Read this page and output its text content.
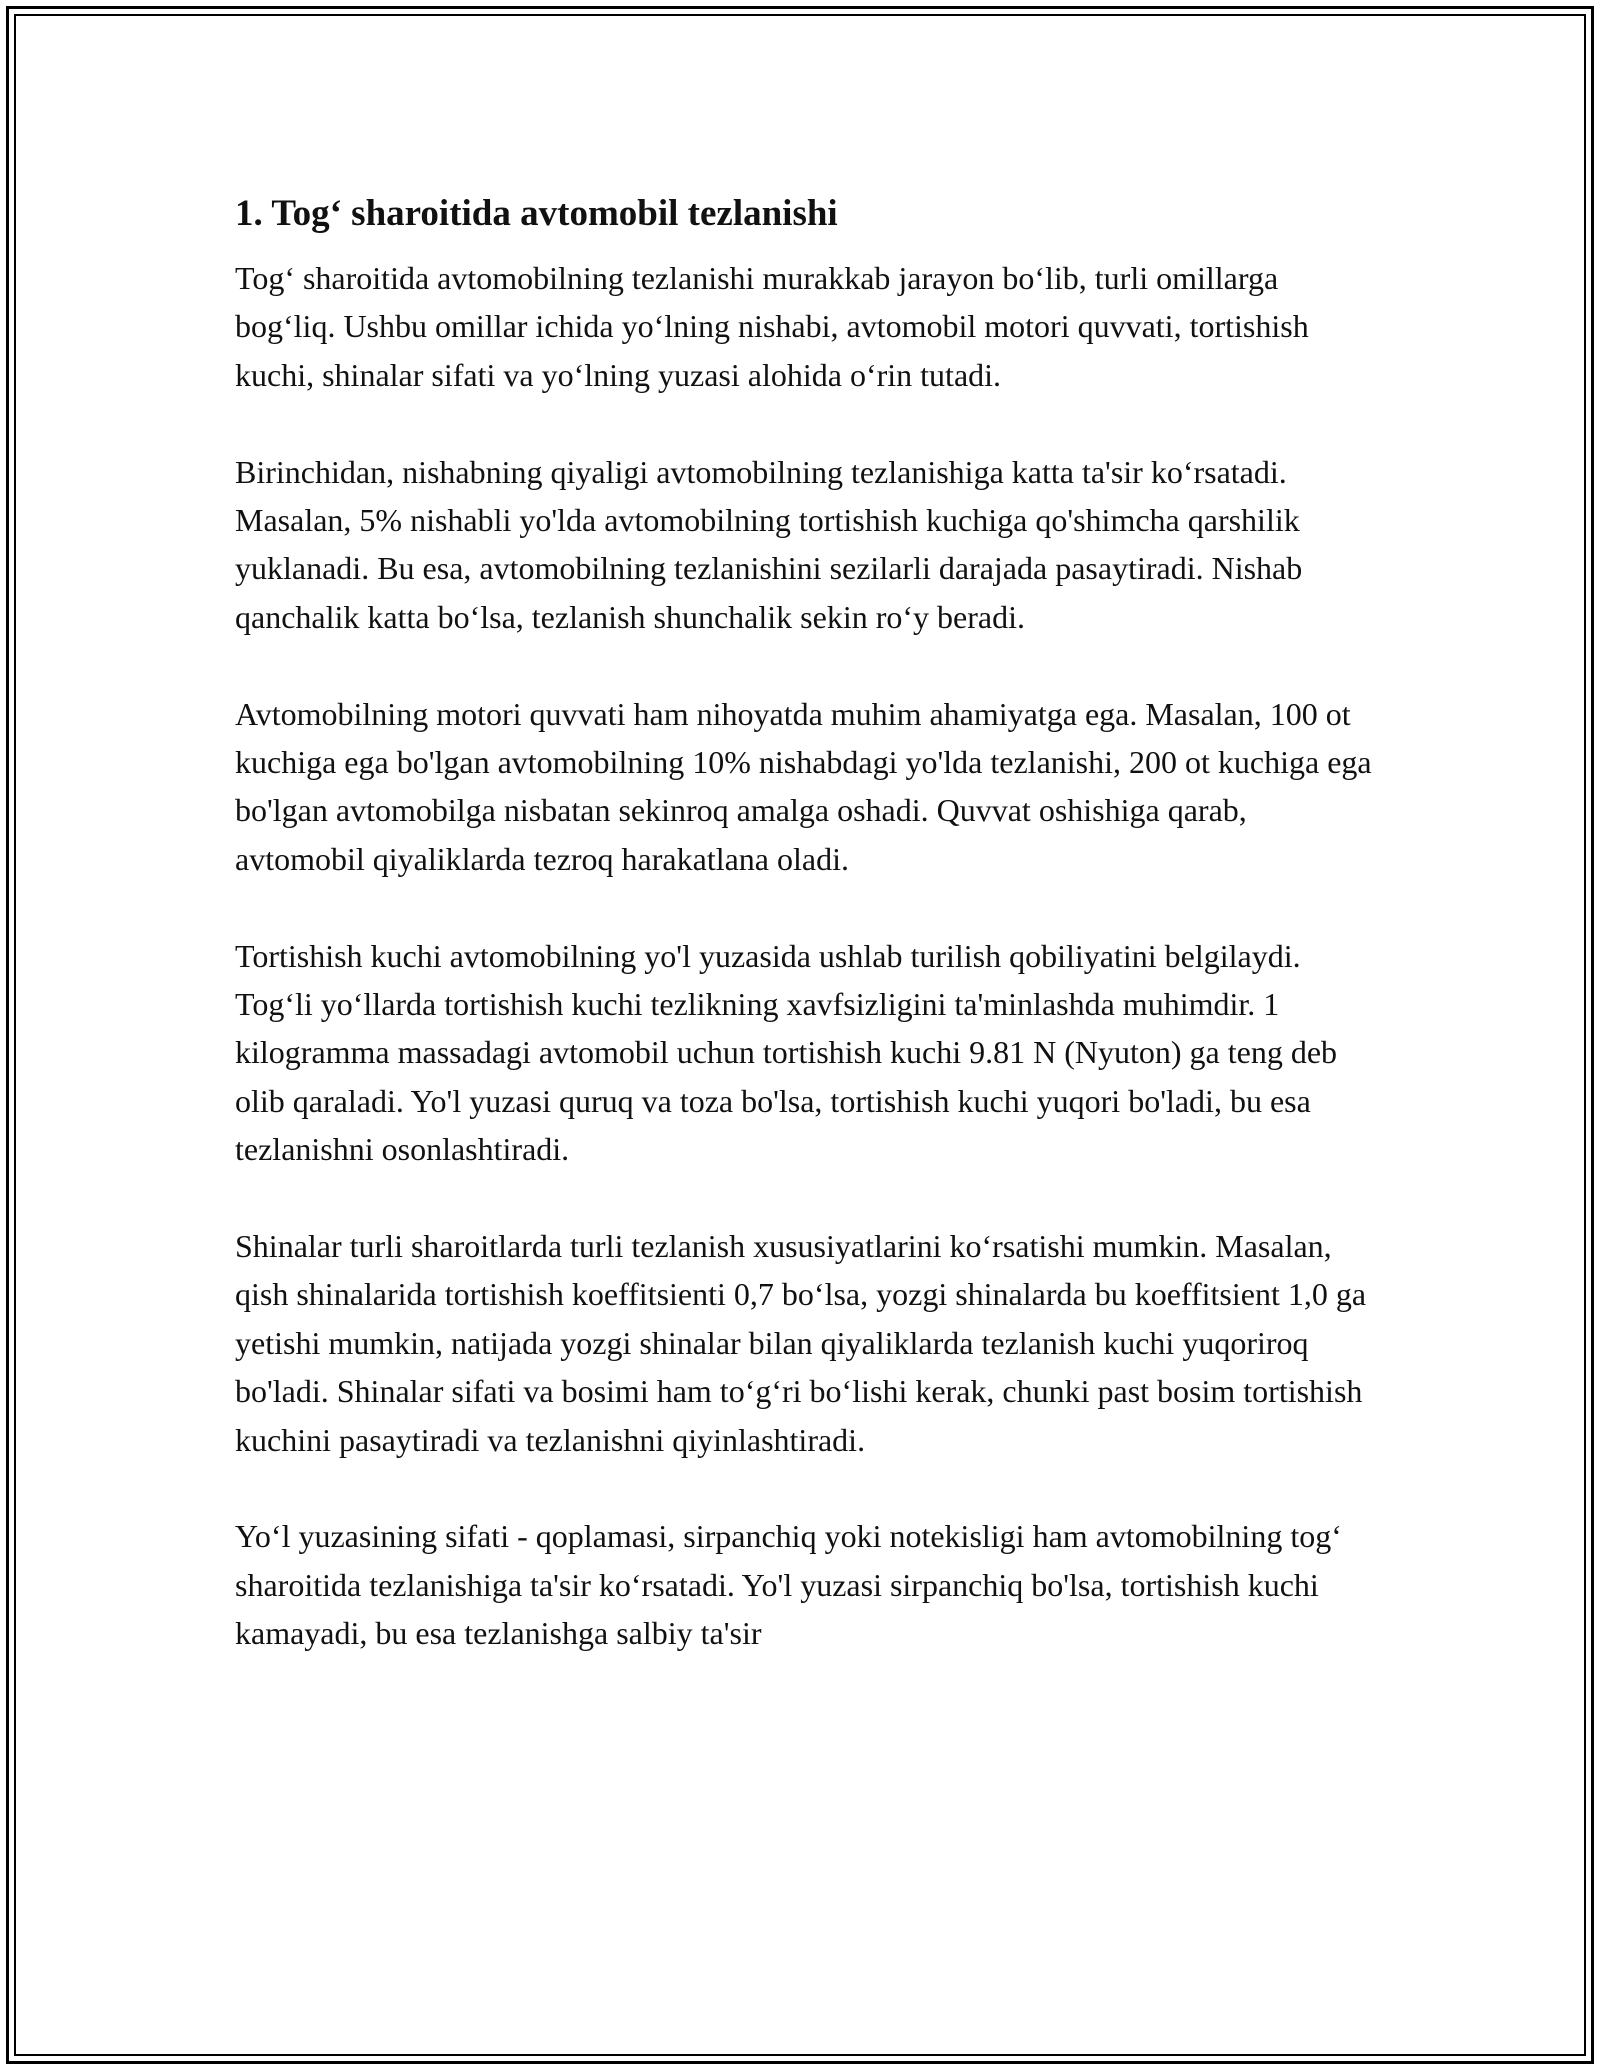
1. Tog‘ sharoitida avtomobil tezlanishi

Tog‘ sharoitida avtomobilning tezlanishi murakkab jarayon bo‘lib, turli omillarga bog‘liq. Ushbu omillar ichida yo‘lning nishabi, avtomobil motori quvvati, tortishish kuchi, shinalar sifati va yo‘lning yuzasi alohida o‘rin tutadi.

Birinchidan, nishabning qiyaligi avtomobilning tezlanishiga katta ta'sir ko‘rsatadi. Masalan, 5% nishabli yo'lda avtomobilning tortishish kuchiga qo'shimcha qarshilik yuklanadi. Bu esa, avtomobilning tezlanishini sezilarli darajada pasaytiradi. Nishab qanchalik katta bo‘lsa, tezlanish shunchalik sekin ro‘y beradi.

Avtomobilning motori quvvati ham nihoyatda muhim ahamiyatga ega. Masalan, 100 ot kuchiga ega bo'lgan avtomobilning 10% nishabdagi yo'lda tezlanishi, 200 ot kuchiga ega bo'lgan avtomobilga nisbatan sekinroq amalga oshadi. Quvvat oshishiga qarab, avtomobil qiyaliklarda tezroq harakatlana oladi.

Tortishish kuchi avtomobilning yo'l yuzasida ushlab turilish qobiliyatini belgilaydi. Tog‘li yo‘llarda tortishish kuchi tezlikning xavfsizligini ta'minlashda muhimdir. 1 kilogramma massadagi avtomobil uchun tortishish kuchi 9.81 N (Nyuton) ga teng deb olib qaraladi. Yo'l yuzasi quruq va toza bo'lsa, tortishish kuchi yuqori bo'ladi, bu esa tezlanishni osonlashtiradi.

Shinalar turli sharoitlarda turli tezlanish xususiyatlarini ko‘rsatishi mumkin. Masalan, qish shinalarida tortishish koeffitsienti 0,7 bo‘lsa, yozgi shinalarda bu koeffitsient 1,0 ga yetishi mumkin, natijada yozgi shinalar bilan qiyaliklarda tezlanish kuchi yuqoriroq bo'ladi. Shinalar sifati va bosimi ham to‘g‘ri bo‘lishi kerak, chunki past bosim tortishish kuchini pasaytiradi va tezlanishni qiyinlashtiradi.

Yo‘l yuzasining sifati - qoplamasi, sirpanchiq yoki notekisligi ham avtomobilning tog‘ sharoitida tezlanishiga ta'sir ko‘rsatadi. Yo'l yuzasi sirpanchiq bo'lsa, tortishish kuchi kamayadi, bu esa tezlanishga salbiy ta'sir
